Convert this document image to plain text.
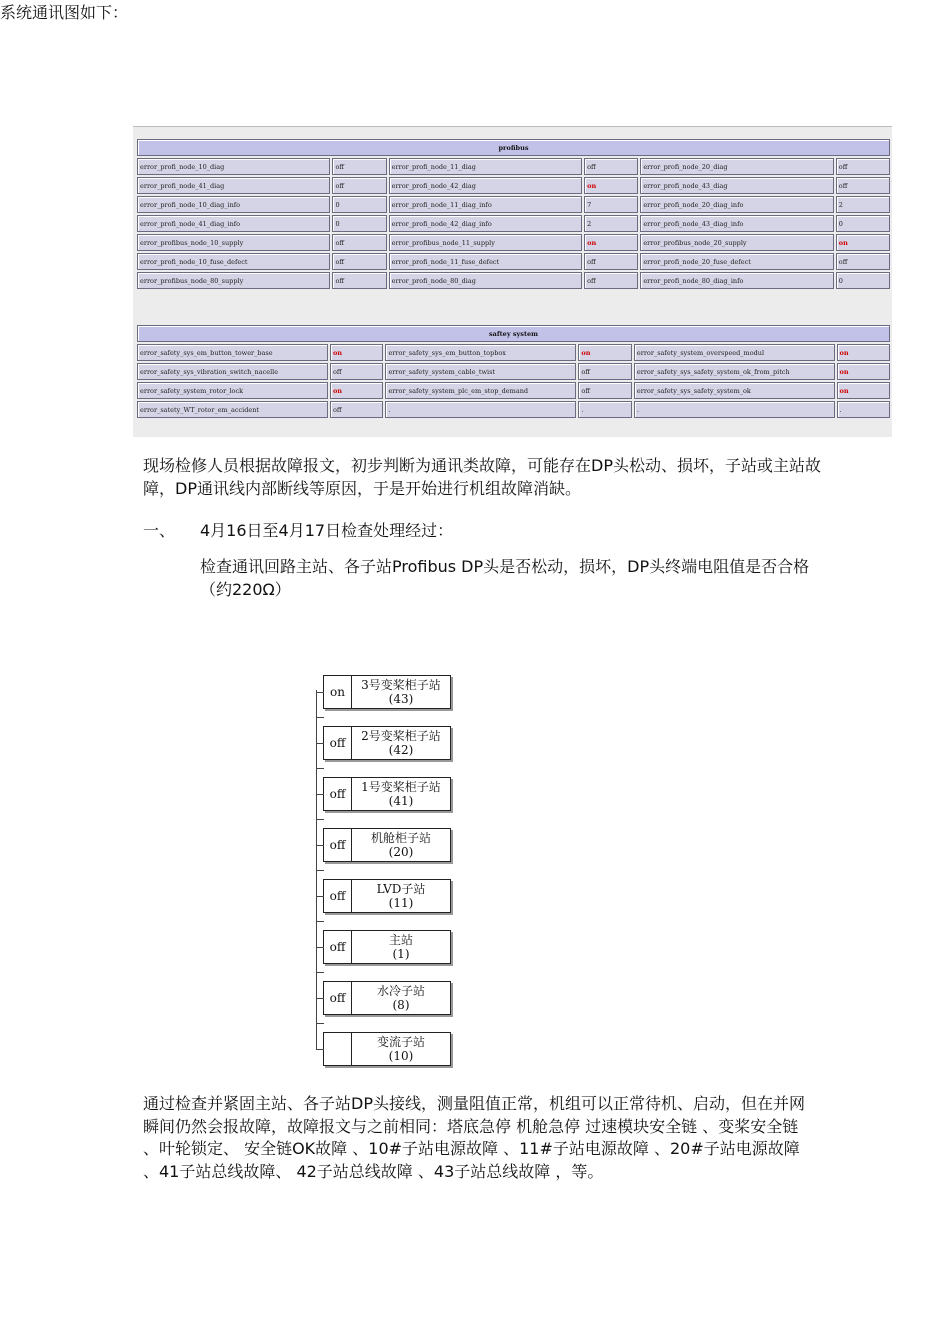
profibus					
error_profi_node_10_diag	off	error_profi_node_11_diag	off	error_profi_node_20_diag	off
error_profi_node_41_diag	off	error_profi_node_42_diag	on	error_profi_node_43_diag	off
error_profi_node_10_diag_info	0	error_profi_node_11_diag_info	7	error_profi_node_20_diag_info	2
error_profi_node_41_diag_info	0	error_profi_node_42_diag_info	2	error_profi_node_43_diag_info	0
error_profibus_node_10_supply	off	error_profibus_node_11_supply	on	error_profibus_node_20_supply	on
error_profi_node_10_fuse_defect	off	error_profi_node_11_fuse_defect	off	error_profi_node_20_fuse_defect	off
error_profibus_node_80_supply	off	error_profi_node_80_diag	off	error_profi_node_80_diag_info	0
saftey system					
error_safety_sys_em_button_tower_base	on	error_safety_sys_em_button_topbox	on	error_safety_system_overspeed_modul	on
error_safety_sys_vibration_switch_nacelle	off	error_safety_system_cable_twist	off	error_safety_sys_safety_system_ok_from_pitch	on
error_safety_system_rotor_lock	on	error_safety_system_plc_em_stop_demand	off	error_safety_sys_safety_system_ok	on
error_satety_WT_rotor_em_accident	off	.	.	.	.
现场检修人员根据故障报文，初步判断为通讯类故障，可能存在DP头松动、损坏，子站或主站故障，DP通讯线内部断线等原因，于是开始进行机组故障消缺。
一、 4月16日至4月17日检查处理经过：
检查通讯回路主站、各子站Profibus DP头是否松动，损坏，DP头终端电阻值是否合格（约220Ω）
系统通讯图如下：
on	3号变桨柜子站
(43)
off	2号变桨柜子站
(42)
off	1号变桨柜子站
(41)
off	机舱柜子站
(20)
off	LVD子站
(11)
off	主站
(1)
off	水冷子站
(8)
变流子站
(10)
通过检查并紧固主站、各子站DP头接线，测量阻值正常，机组可以正常待机、启动，但在并网瞬间仍然会报故障，故障报文与之前相同：塔底急停 机舱急停 过速模块安全链 、变桨安全链 、叶轮锁定、 安全链OK故障 、10#子站电源故障 、11#子站电源故障 、20#子站电源故障 、41子站总线故障、 42子站总线故障 、43子站总线故障 ，等。
